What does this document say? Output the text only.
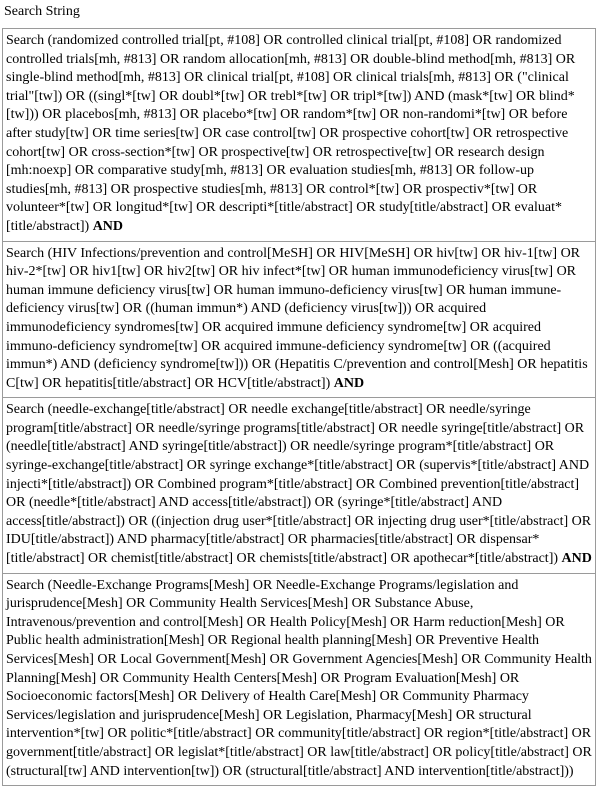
Search String
Search (randomized controlled trial[pt, #108] OR controlled clinical trial[pt, #108] OR randomized controlled trials[mh, #813] OR random allocation[mh, #813] OR double-blind method[mh, #813] OR single-blind method[mh, #813] OR clinical trial[pt, #108] OR clinical trials[mh, #813] OR ("clinical trial"[tw]) OR ((singl*[tw] OR doubl*[tw] OR trebl*[tw] OR tripl*[tw]) AND (mask*[tw] OR blind*[tw])) OR placebos[mh, #813] OR placebo*[tw] OR random*[tw] OR non-randomi*[tw] OR before after study[tw] OR time series[tw] OR case control[tw] OR prospective cohort[tw] OR retrospective cohort[tw] OR cross-section*[tw] OR prospective[tw] OR retrospective[tw] OR research design [mh:noexp] OR comparative study[mh, #813] OR evaluation studies[mh, #813] OR follow-up studies[mh, #813] OR prospective studies[mh, #813] OR control*[tw] OR prospectiv*[tw] OR volunteer*[tw] OR longitud*[tw] OR descripti*[title/abstract] OR study[title/abstract] OR evaluat*[title/abstract]) AND
Search (HIV Infections/prevention and control[MeSH] OR HIV[MeSH] OR hiv[tw] OR hiv-1[tw] OR hiv-2*[tw] OR hiv1[tw] OR hiv2[tw] OR hiv infect*[tw] OR human immunodeficiency virus[tw] OR human immune deficiency virus[tw] OR human immuno-deficiency virus[tw] OR human immune-deficiency virus[tw] OR ((human immun*) AND (deficiency virus[tw])) OR acquired immunodeficiency syndromes[tw] OR acquired immune deficiency syndrome[tw] OR acquired immuno-deficiency syndrome[tw] OR acquired immune-deficiency syndrome[tw] OR ((acquired immun*) AND (deficiency syndrome[tw])) OR (Hepatitis C/prevention and control[Mesh] OR hepatitis C[tw] OR hepatitis[title/abstract] OR HCV[title/abstract]) AND
Search (needle-exchange[title/abstract] OR needle exchange[title/abstract] OR needle/syringe program[title/abstract] OR needle/syringe programs[title/abstract] OR needle syringe[title/abstract] OR (needle[title/abstract] AND syringe[title/abstract]) OR needle/syringe program*[title/abstract] OR syringe-exchange[title/abstract] OR syringe exchange*[title/abstract] OR (supervis*[title/abstract] AND injecti*[title/abstract]) OR Combined program*[title/abstract] OR Combined prevention[title/abstract] OR (needle*[title/abstract] AND access[title/abstract]) OR (syringe*[title/abstract] AND access[title/abstract]) OR ((injection drug user*[title/abstract] OR injecting drug user*[title/abstract] OR IDU[title/abstract]) AND pharmacy[title/abstract] OR pharmacies[title/abstract] OR dispensar*[title/abstract] OR chemist[title/abstract] OR chemists[title/abstract] OR apothecar*[title/abstract]) AND
Search (Needle-Exchange Programs[Mesh] OR Needle-Exchange Programs/legislation and jurisprudence[Mesh] OR Community Health Services[Mesh] OR Substance Abuse, Intravenous/prevention and control[Mesh] OR Health Policy[Mesh] OR Harm reduction[Mesh] OR Public health administration[Mesh] OR Regional health planning[Mesh] OR Preventive Health Services[Mesh] OR Local Government[Mesh] OR Government Agencies[Mesh] OR Community Health Planning[Mesh] OR Community Health Centers[Mesh] OR Program Evaluation[Mesh] OR Socioeconomic factors[Mesh] OR Delivery of Health Care[Mesh] OR Community Pharmacy Services/legislation and jurisprudence[Mesh] OR Legislation, Pharmacy[Mesh] OR structural intervention*[tw] OR politic*[title/abstract] OR community[title/abstract] OR region*[title/abstract] OR government[title/abstract] OR legislat*[title/abstract] OR law[title/abstract] OR policy[title/abstract] OR (structural[tw] AND intervention[tw]) OR (structural[title/abstract] AND intervention[title/abstract]))
